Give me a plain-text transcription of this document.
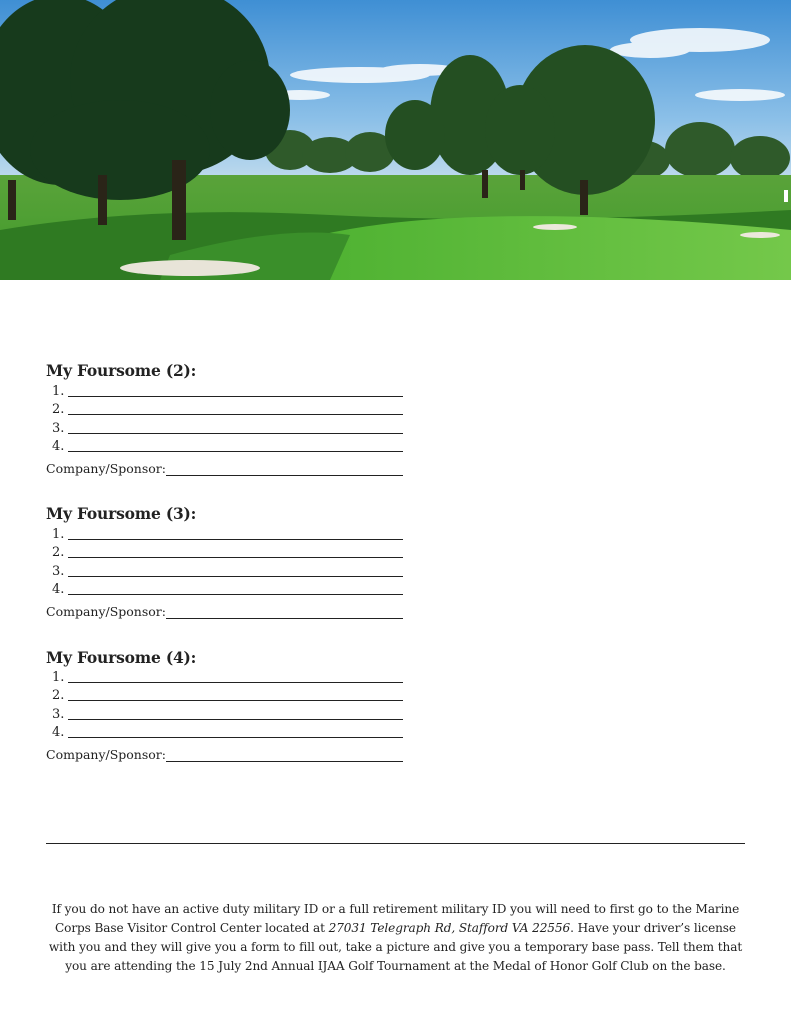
My Foursome (2):
1.
2.
3.
4.
Company/Sponsor:
My Foursome (3):
1.
2.
3.
4.
Company/Sponsor:
My Foursome (4):
1.
2.
3.
4.
Company/Sponsor:

If you do not have an active duty military ID or a full retirement military ID you will need to first go to the Marine Corps Base Visitor Control Center located at 27031 Telegraph Rd, Stafford VA 22556. Have your driver’s license with you and they will give you a form to fill out, take a picture and give you a temporary base pass. Tell them that you are attending the 15 July 2nd Annual IJAA Golf Tournament at the Medal of Honor Golf Club on the base.
